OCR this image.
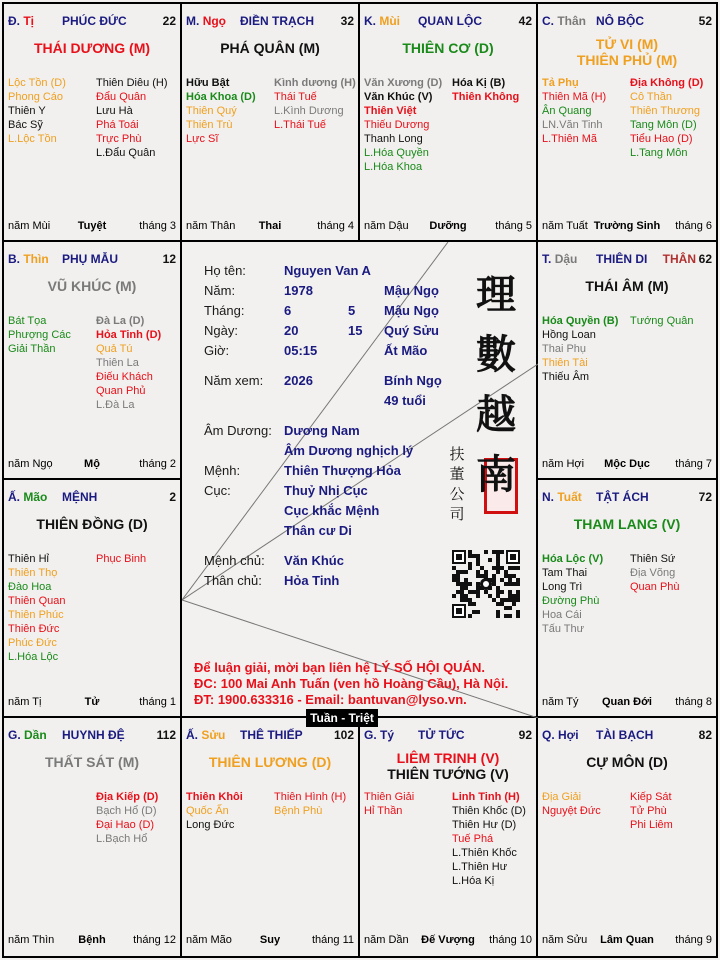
Đ. Tị PHÚC ĐỨC	22
THÁI DƯƠNG (M)
Lộc Tồn (D)
Phong Cáo
Thiên Y
Bác Sỹ
L.Lộc Tồn
Thiên Diêu (H)
Đẩu Quân
Lưu Hà
Phá Toái
Trực Phù
L.Đẩu Quân
năm Mùi	Tuyệt	tháng 3
M. Ngọ ĐIỀN TRẠCH 32
PHÁ QUÂN (M)
Hữu Bật
Hóa Khoa (D)
Thiên Quý
Thiên Trù
Lực Sĩ
Kình dương (H)
Thái Tuế
L.Kình Dương
L.Thái Tuế
năm Thân	Thai	tháng 4
K. Mùi QUAN LỘC	42
THIÊN CƠ (D)
Văn Xương (D)
Văn Khúc (V)
Thiên Việt
Thiếu Dương
Thanh Long
L.Hóa Quyền
L.Hóa Khoa
Hóa Kị (B)
Thiên Không
năm Dậu	Dưỡng	tháng 5
C. Thân NÔ BỘC	52
TỬ VI (M)
THIÊN PHỦ (M)
Tả Phụ
Thiên Mã (H)
Ân Quang
LN.Văn Tinh
L.Thiên Mã
Địa Không (D)
Cô Thần
Thiên Thương
Tang Môn (D)
Tiểu Hao (D)
L.Tang Môn
năm Tuất Trường Sinh	tháng 6
B. Thìn PHỤ MẪU	12
VŨ KHÚC (M)
Bát Tọa
Phượng Các
Giải Thần
Đà La (D)
Hỏa Tinh (D)
Quả Tú
Thiên La
Điếu Khách
Quan Phủ
L.Đà La
năm Ngọ	Mộ	tháng 2
T. Dậu THIÊN DI THÂN 62
THÁI ÂM (M)
Hóa Quyền (B)
Hồng Loan
Thai Phụ
Thiên Tài
Thiếu Âm
Tướng Quân
năm Hợi	Mộc Dục	tháng 7
Ấ. Mão MỆNH	2
THIÊN ĐỒNG (D)
Thiên Hỉ
Thiên Thọ
Đào Hoa
Thiên Quan
Thiên Phúc
Thiên Đức
Phúc Đức
L.Hóa Lộc
Phục Binh
năm Tị	Tử	tháng 1
N. Tuất TẬT ÁCH	72
THAM LANG (V)
Hóa Lộc (V)
Tam Thai
Long Trì
Đường Phù
Hoa Cái
Tấu Thư
Thiên Sứ
Địa Võng
Quan Phù
năm Tý	Quan Đới	tháng 8
G. Dần HUYNH ĐỆ	112
THẤT SÁT (M)
Địa Kiếp (D)
Bạch Hổ (D)
Đại Hao (D)
L.Bạch Hổ
năm Thìn	Bệnh	tháng 12
Ấ. Sửu THÊ THIẾP	102
THIÊN LƯƠNG (D)
Thiên Khôi
Quốc Ấn
Long Đức
Thiên Hình (H)
Bệnh Phù
năm Mão	Suy	tháng 11
G. Tý TỬ TỨC	92
LIÊM TRINH (V)
THIÊN TƯỚNG (V)
Thiên Giải
Hỉ Thần
Linh Tinh (H)
Thiên Khốc (D)
Thiên Hư (D)
Tuế Phá
L.Thiên Khốc
L.Thiên Hư
L.Hóa Kị
năm Dần	Đế Vượng	tháng 10
Q. Hợi TÀI BẠCH	82
CỰ MÔN (D)
Địa Giải
Nguyệt Đức
Kiếp Sát
Tử Phù
Phi Liêm
năm Sửu	Lâm Quan	tháng 9
Họ tên:	Nguyen Van A
Năm:	1978	Mậu Ngọ
Tháng:	6	5 Mậu Ngọ
Ngày:	20	15 Quý Sửu
Giờ:	05:15	Ất Mão
Năm xem: 2026	Bính Ngọ
49 tuổi
Âm Dương: Dương Nam
Âm Dương nghịch lý
Mệnh:	Thiên Thượng Hỏa
Cục:	Thuỷ Nhị Cục
Cục khắc Mệnh
Thân cư Di
Mệnh chủ: Văn Khúc
Thân chủ: Hỏa Tinh
理數越南
扶董公司
Để luận giải, mời bạn liên hệ LÝ SỐ HỘI QUÁN.
ĐC: 100 Mai Anh Tuấn (ven hồ Hoàng Cầu), Hà Nội.
ĐT: 1900.633316 - Email: bantuvan@lyso.vn.
Tuần - Triệt
